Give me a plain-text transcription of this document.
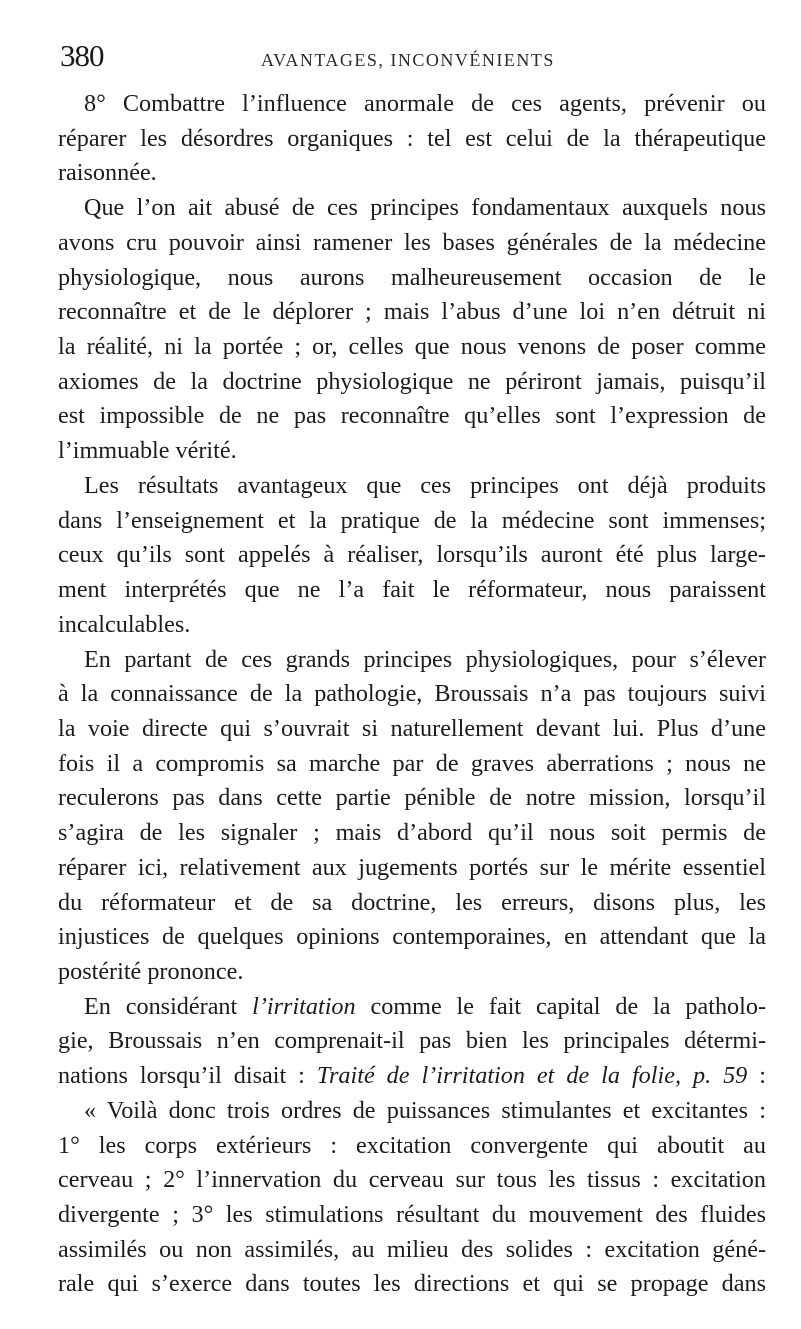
380	AVANTAGES, INCONVÉNIENTS
8° Combattre l’influence anormale de ces agents, prévenir ou
réparer les désordres organiques : tel est celui de la thérapeutique
raisonnée.
Que l’on ait abusé de ces principes fondamentaux auxquels nous
avons cru pouvoir ainsi ramener les bases générales de la médecine
physiologique, nous aurons malheureusement occasion de le
reconnaître et de le déplorer ; mais l’abus d’une loi n’en détruit ni
la réalité, ni la portée ; or, celles que nous venons de poser comme
axiomes de la doctrine physiologique ne périront jamais, puisqu’il
est impossible de ne pas reconnaître qu’elles sont l’expression de
l’immuable vérité.
Les résultats avantageux que ces principes ont déjà produits
dans l’enseignement et la pratique de la médecine sont immenses;
ceux qu’ils sont appelés à réaliser, lorsqu’ils auront été plus large-
ment interprétés que ne l’a fait le réformateur, nous paraissent
incalculables.
En partant de ces grands principes physiologiques, pour s’élever
à la connaissance de la pathologie, Broussais n’a pas toujours suivi
la voie directe qui s’ouvrait si naturellement devant lui. Plus d’une
fois il a compromis sa marche par de graves aberrations ; nous ne
reculerons pas dans cette partie pénible de notre mission, lorsqu’il
s’agira de les signaler ; mais d’abord qu’il nous soit permis de
réparer ici, relativement aux jugements portés sur le mérite essentiel
du réformateur et de sa doctrine, les erreurs, disons plus, les
injustices de quelques opinions contemporaines, en attendant que la
postérité prononce.
En considérant l’irritation comme le fait capital de la patholo-
gie, Broussais n’en comprenait-il pas bien les principales détermi-
nations lorsqu’il disait : Traité de l’irritation et de la folie, p. 59 :
« Voilà donc trois ordres de puissances stimulantes et excitantes :
1° les corps extérieurs : excitation convergente qui aboutit au
cerveau ; 2° l’innervation du cerveau sur tous les tissus : excitation
divergente ; 3° les stimulations résultant du mouvement des fluides
assimilés ou non assimilés, au milieu des solides : excitation géné-
rale qui s’exerce dans toutes les directions et qui se propage dans
